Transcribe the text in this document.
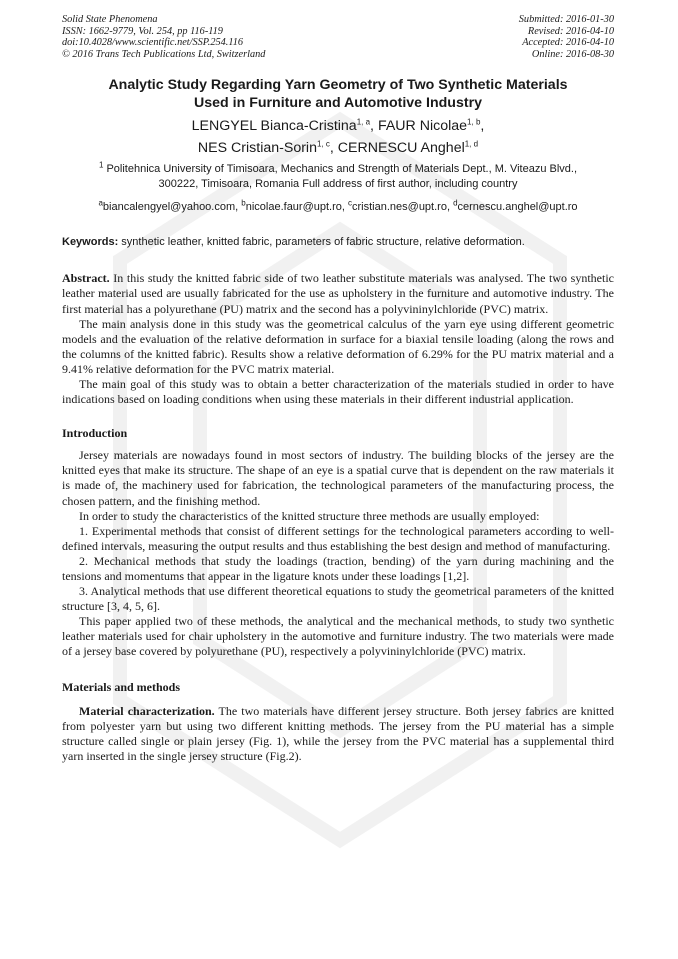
Solid State Phenomena
ISSN: 1662-9779, Vol. 254, pp 116-119
doi:10.4028/www.scientific.net/SSP.254.116
© 2016 Trans Tech Publications Ltd, Switzerland
Submitted: 2016-01-30
Revised: 2016-04-10
Accepted: 2016-04-10
Online: 2016-08-30
Analytic Study Regarding Yarn Geometry of Two Synthetic Materials
Used in Furniture and Automotive Industry
LENGYEL Bianca-Cristina$^{1, a}$, FAUR Nicolae$^{1, b}$,
NES Cristian-Sorin$^{1, c}$, CERNESCU Anghel$^{1, d}$
$^1$ Politehnica University of Timisoara, Mechanics and Strength of Materials Dept., M. Viteazu Blvd.,
300222, Timisoara, Romania Full address of first author, including country
$^a$biancalengyel@yahoo.com, $^b$nicolae.faur@upt.ro, $^c$cristian.nes@upt.ro, $^d$cernescu.anghel@upt.ro
Keywords: synthetic leather, knitted fabric, parameters of fabric structure, relative deformation.

Abstract. In this study the knitted fabric side of two leather substitute materials was analysed. The two synthetic leather material used are usually fabricated for the use as upholstery in the furniture and automotive industry. The first material has a polyurethane (PU) matrix and the second has a polyvininylchloride (PVC) matrix.

The main analysis done in this study was the geometrical calculus of the yarn eye using different geometric models and the evaluation of the relative deformation in surface for a biaxial tensile loading (along the rows and the columns of the knitted fabric). Results show a relative deformation of 6.29% for the PU matrix material and a 9.41% relative deformation for the PVC matrix material.

The main goal of this study was to obtain a better characterization of the materials studied in order to have indications based on loading conditions when using these materials in their different industrial application.

Introduction

Jersey materials are nowadays found in most sectors of industry. The building blocks of the jersey are the knitted eyes that make its structure. The shape of an eye is a spatial curve that is dependent on the raw materials it is made of, the machinery used for fabrication, the technological parameters of the manufacturing process, the chosen pattern, and the finishing method.

In order to study the characteristics of the knitted structure three methods are usually employed:

1. Experimental methods that consist of different settings for the technological parameters according to well-defined intervals, measuring the output results and thus establishing the best design and method of manufacturing.

2. Mechanical methods that study the loadings (traction, bending) of the yarn during machining and the tensions and momentums that appear in the ligature knots under these loadings [1,2].

3. Analytical methods that use different theoretical equations to study the geometrical parameters of the knitted structure [3, 4, 5, 6].

This paper applied two of these methods, the analytical and the mechanical methods, to study two synthetic leather materials used for chair upholstery in the automotive and furniture industry. The two materials were made of a jersey base covered by polyurethane (PU), respectively a polyvininylchloride (PVC) matrix.

Materials and methods

Material characterization. The two materials have different jersey structure. Both jersey fabrics are knitted from polyester yarn but using two different knitting methods. The jersey from the PU material has a simple structure called single or plain jersey (Fig. 1), while the jersey from the PVC material has a supplemental third yarn inserted in the single jersey structure (Fig.2).
